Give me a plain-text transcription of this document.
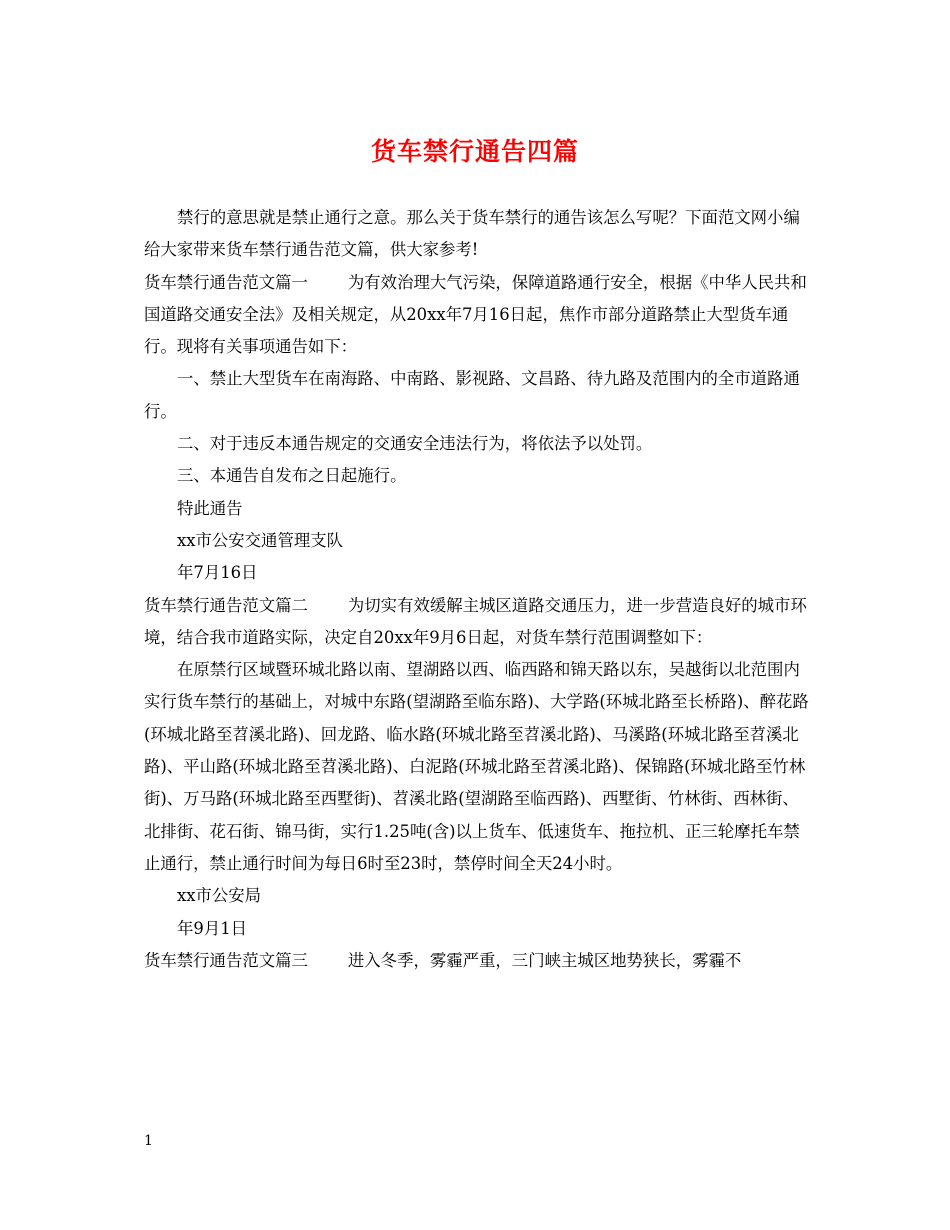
货车禁行通告四篇

禁行的意思就是禁止通行之意。那么关于货车禁行的通告该怎么写呢？下面范文网小编给大家带来货车禁行通告范文篇，供大家参考!

货车禁行通告范文篇一 为有效治理大气污染，保障道路通行安全，根据《中华人民共和国道路交通安全法》及相关规定，从20xx年7月16日起，焦作市部分道路禁止大型货车通行。现将有关事项通告如下：

一、禁止大型货车在南海路、中南路、影视路、文昌路、待九路及范围内的全市道路通行。

二、对于违反本通告规定的交通安全违法行为，将依法予以处罚。

三、本通告自发布之日起施行。

特此通告

xx市公安交通管理支队

年7月16日

货车禁行通告范文篇二 为切实有效缓解主城区道路交通压力，进一步营造良好的城市环境，结合我市道路实际，决定自20xx年9月6日起，对货车禁行范围调整如下：

在原禁行区域暨环城北路以南、望湖路以西、临西路和锦天路以东，吴越街以北范围内实行货车禁行的基础上，对城中东路(望湖路至临东路)、大学路(环城北路至长桥路)、醉花路(环城北路至苕溪北路)、回龙路、临水路(环城北路至苕溪北路)、马溪路(环城北路至苕溪北路)、平山路(环城北路至苕溪北路)、白泥路(环城北路至苕溪北路)、保锦路(环城北路至竹林街)、万马路(环城北路至西墅街)、苕溪北路(望湖路至临西路)、西墅街、竹林街、西林街、北排街、花石街、锦马街，实行1.25吨(含)以上货车、低速货车、拖拉机、正三轮摩托车禁止通行，禁止通行时间为每日6时至23时，禁停时间全天24小时。

xx市公安局

年9月1日

货车禁行通告范文篇三 进入冬季，雾霾严重，三门峡主城区地势狭长，雾霾不

1
